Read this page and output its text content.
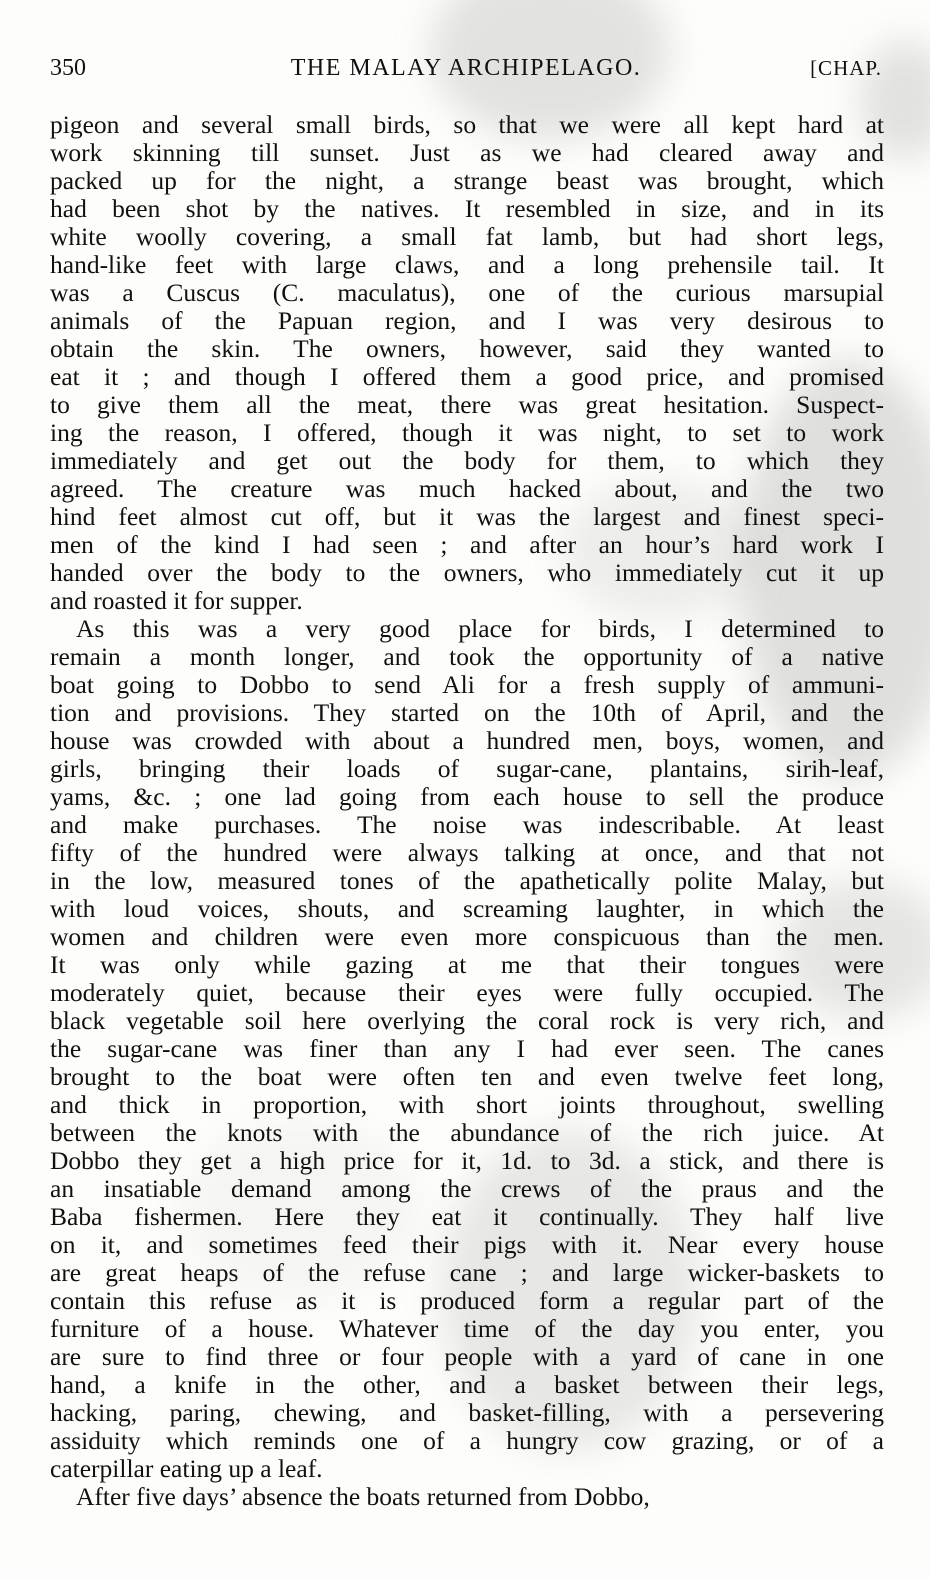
THE MALAY ARCHIPELAGO.
350	[CHAP.
pigeon and several small birds, so that we were all kept hard at
work skinning till sunset. Just as we had cleared away and
packed up for the night, a strange beast was brought, which
had been shot by the natives. It resembled in size, and in its
white woolly covering, a small fat lamb, but had short legs,
hand-like feet with large claws, and a long prehensile tail. It
was a Cuscus (C. maculatus), one of the curious marsupial
animals of the Papuan region, and I was very desirous to
obtain the skin. The owners, however, said they wanted to
eat it ; and though I offered them a good price, and promised
to give them all the meat, there was great hesitation. Suspect-
ing the reason, I offered, though it was night, to set to work
immediately and get out the body for them, to which they
agreed. The creature was much hacked about, and the two
hind feet almost cut off, but it was the largest and finest speci-
men of the kind I had seen ; and after an hour’s hard work I
handed over the body to the owners, who immediately cut it up
and roasted it for supper.
As this was a very good place for birds, I determined to
remain a month longer, and took the opportunity of a native
boat going to Dobbo to send Ali for a fresh supply of ammuni-
tion and provisions. They started on the 10th of April, and the
house was crowded with about a hundred men, boys, women, and
girls, bringing their loads of sugar-cane, plantains, sirih-leaf,
yams, &c. ; one lad going from each house to sell the produce
and make purchases. The noise was indescribable. At least
fifty of the hundred were always talking at once, and that not
in the low, measured tones of the apathetically polite Malay, but
with loud voices, shouts, and screaming laughter, in which the
women and children were even more conspicuous than the men.
It was only while gazing at me that their tongues were
moderately quiet, because their eyes were fully occupied. The
black vegetable soil here overlying the coral rock is very rich, and
the sugar-cane was finer than any I had ever seen. The canes
brought to the boat were often ten and even twelve feet long,
and thick in proportion, with short joints throughout, swelling
between the knots with the abundance of the rich juice. At
Dobbo they get a high price for it, 1d. to 3d. a stick, and there is
an insatiable demand among the crews of the praus and the
Baba fishermen. Here they eat it continually. They half live
on it, and sometimes feed their pigs with it. Near every house
are great heaps of the refuse cane ; and large wicker-baskets to
contain this refuse as it is produced form a regular part of the
furniture of a house. Whatever time of the day you enter, you
are sure to find three or four people with a yard of cane in one
hand, a knife in the other, and a basket between their legs,
hacking, paring, chewing, and basket-filling, with a persevering
assiduity which reminds one of a hungry cow grazing, or of a
caterpillar eating up a leaf.
After five days’ absence the boats returned from Dobbo,
